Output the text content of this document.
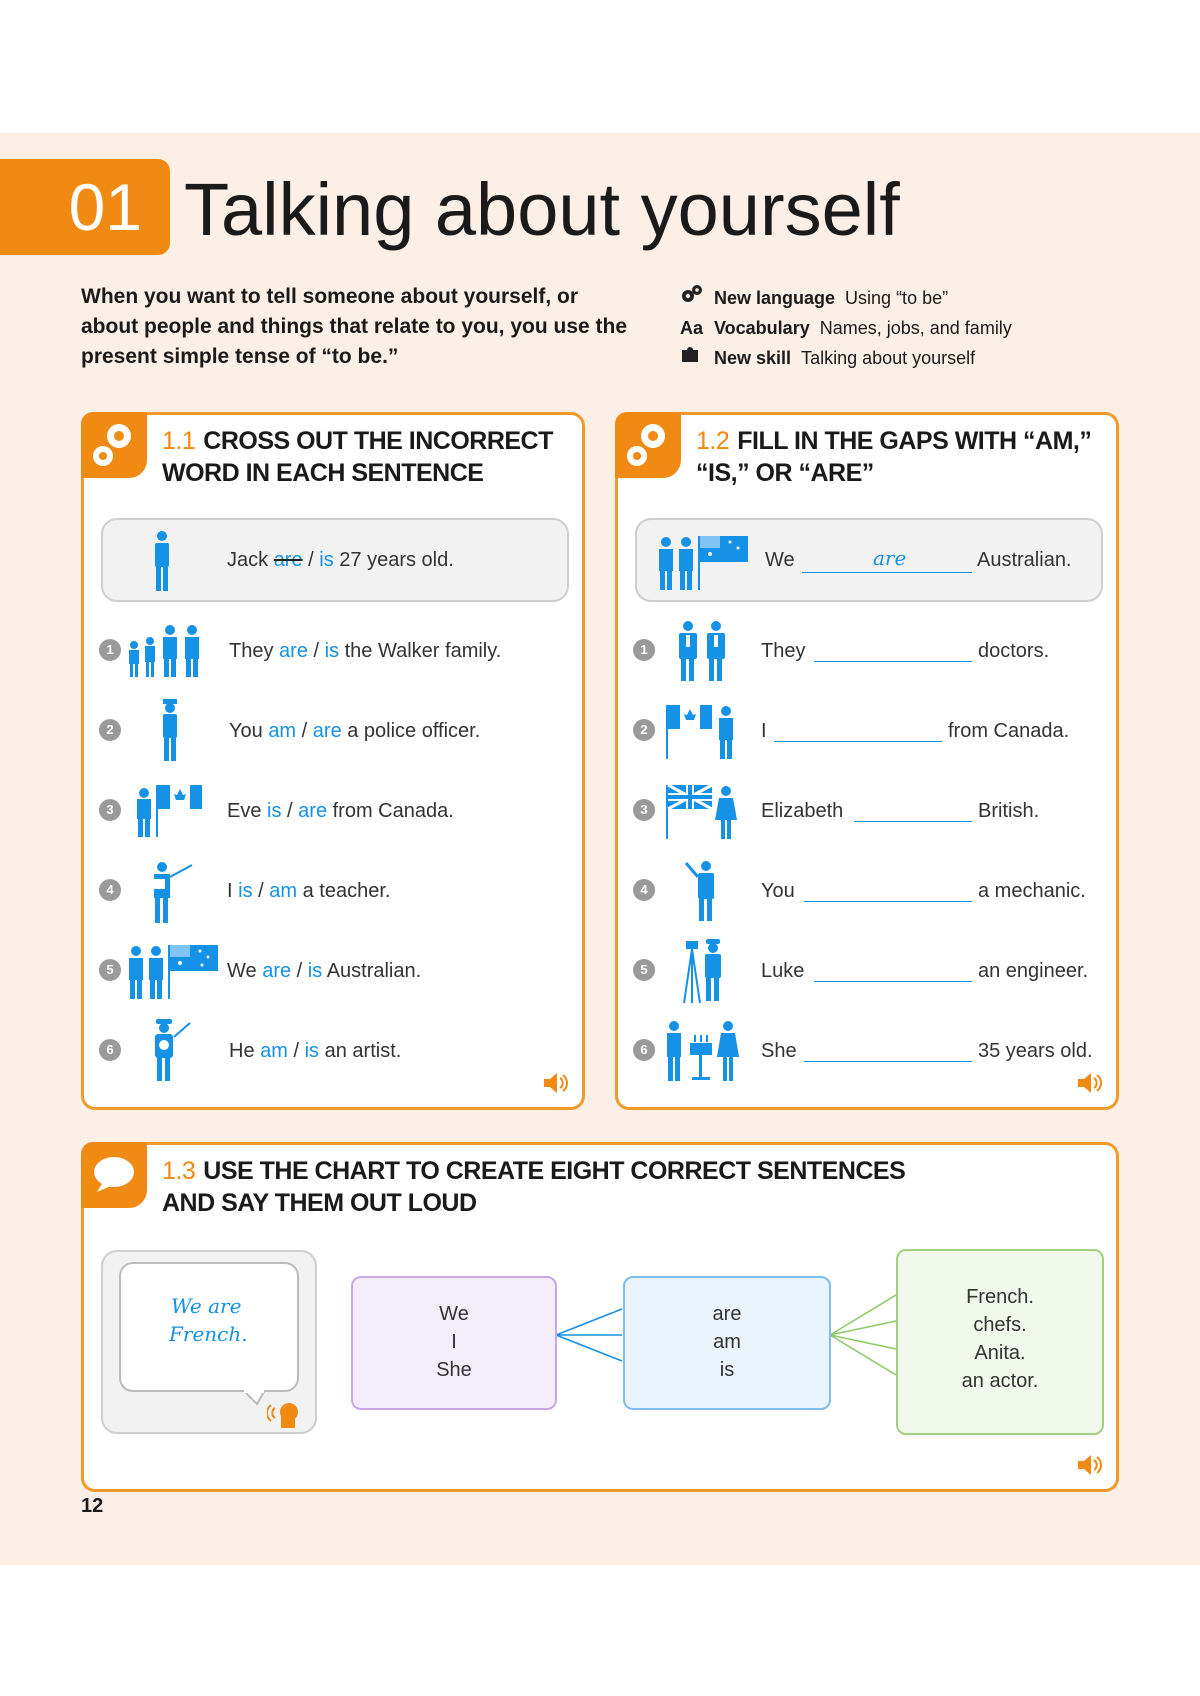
01 Talking about yourself
When you want to tell someone about yourself, or about people and things that relate to you, you use the present simple tense of “to be.”
New language Using “to be”
Aa Vocabulary Names, jobs, and family
New skill Talking about yourself
1.1 CROSS OUT THE INCORRECT WORD IN EACH SENTENCE
Jack are / is 27 years old.
1	They are / is the Walker family.
2	You am / are a police officer.
3	Eve is / are from Canada.
4	I is / am a teacher.
5	We are / is Australian.
6	He am / is an artist.
1.2 FILL IN THE GAPS WITH “AM,” “IS,” OR “ARE”
We	are	Australian.
1	They	doctors.
2	I	from Canada.
3	Elizabeth	British.
4	You	a mechanic.
5	Luke	an engineer.
6	She	35 years old.
1.3 USE THE CHART TO CREATE EIGHT CORRECT SENTENCES AND SAY THEM OUT LOUD
We are
French.
We
I
She
are
am
is
French.
chefs.
Anita.
an actor.
12
